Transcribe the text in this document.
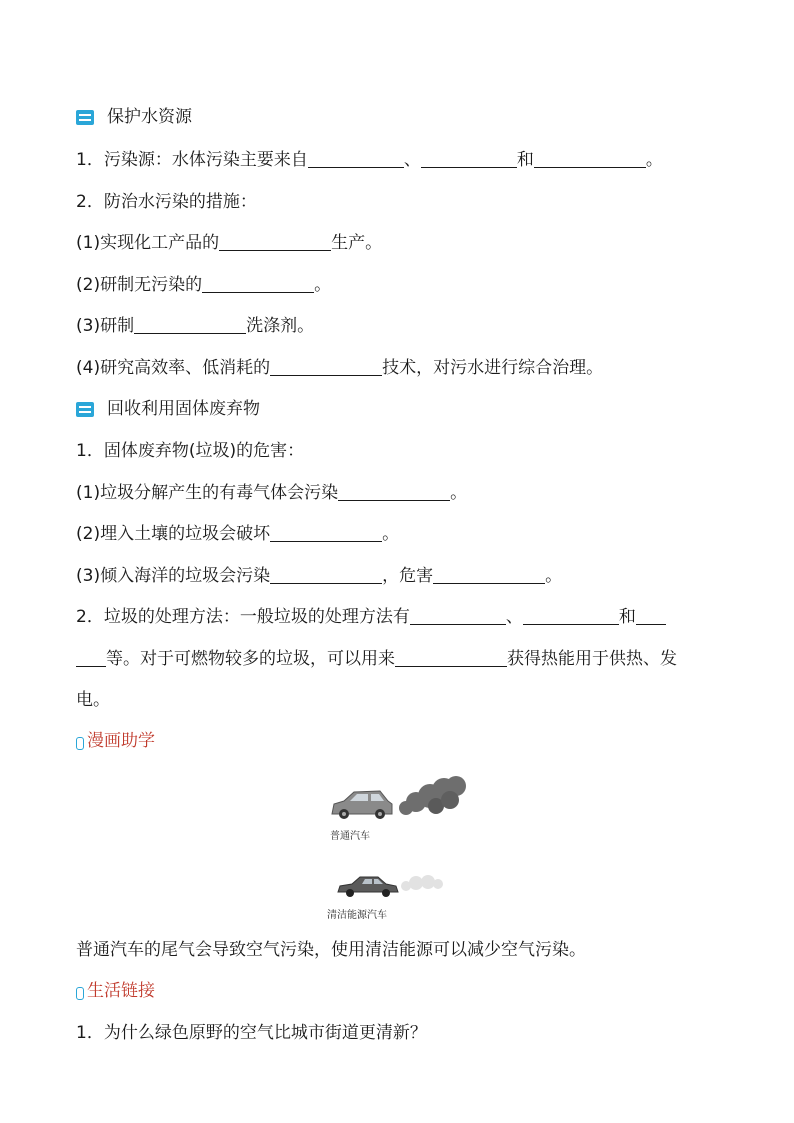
保护水资源
1．污染源：水体污染主要来自	、	和	。
2．防治水污染的措施：
(1)实现化工产品的	生产。
(2)研制无污染的	。
(3)研制	洗涤剂。
(4)研究高效率、低消耗的	技术，对污水进行综合治理。
回收利用固体废弃物
1．固体废弃物(垃圾)的危害：
(1)垃圾分解产生的有毒气体会污染	。
(2)埋入土壤的垃圾会破坏	。
(3)倾入海洋的垃圾会污染	，危害	。
2．垃圾的处理方法：一般垃圾的处理方法有	、	和
等。对于可燃物较多的垃圾，可以用来	获得热能用于供热、发
电。
漫画助学
普通汽车
清洁能源汽车
普通汽车的尾气会导致空气污染，使用清洁能源可以减少空气污染。
生活链接
1．为什么绿色原野的空气比城市街道更清新？
